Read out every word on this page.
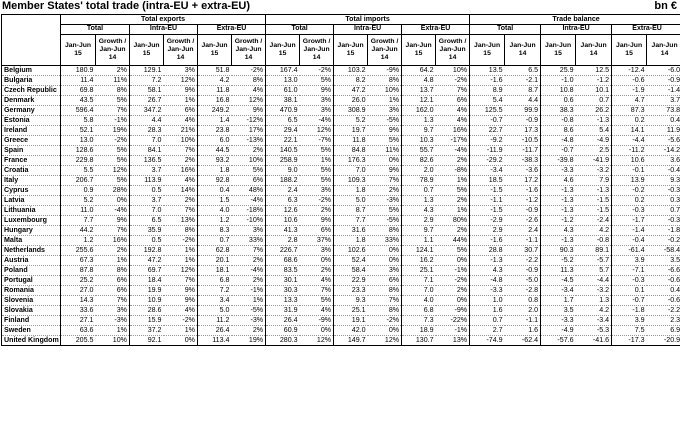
Member States' total trade (intra-EU + extra-EU)	bn €
	Total exports						Total imports						Trade balance					
	Total		Intra-EU		Extra-EU		Total		Intra-EU		Extra-EU		Total		Intra-EU		Extra-EU	
	Jan-Jun 15	Growth / Jan-Jun 14	Jan-Jun 15	Growth / Jan-Jun 14	Jan-Jun 15	Growth / Jan-Jun 14	Jan-Jun 15	Growth / Jan-Jun 14	Jan-Jun 15	Growth / Jan-Jun 14	Jan-Jun 15	Growth / Jan-Jun 14	Jan-Jun 15	Jan-Jun 14	Jan-Jun 15	Jan-Jun 14	Jan-Jun 15	Jan-Jun 14
Belgium	180.9	2%	129.1	3%	51.8	-2%	167.4	-2%	103.2	-9%	64.2	10%	13.5	6.5	25.9	12.5	-12.4	-6.0
Bulgaria	11.4	11%	7.2	12%	4.2	8%	13.0	5%	8.2	8%	4.8	-2%	-1.6	-2.1	-1.0	-1.2	-0.6	-0.9
Czech Republic	69.8	8%	58.1	9%	11.8	4%	61.0	9%	47.2	10%	13.7	7%	8.9	8.7	10.8	10.1	-1.9	-1.4
Denmark	43.5	5%	26.7	1%	16.8	12%	38.1	3%	26.0	1%	12.1	6%	5.4	4.4	0.6	0.7	4.7	3.7
Germany	596.4	7%	347.2	6%	249.2	9%	470.9	3%	308.9	3%	162.0	4%	125.5	99.9	38.3	26.2	87.3	73.8
Estonia	5.8	-1%	4.4	4%	1.4	-12%	6.5	-4%	5.2	-5%	1.3	4%	-0.7	-0.9	-0.8	-1.3	0.2	0.4
Ireland	52.1	19%	28.3	21%	23.8	17%	29.4	12%	19.7	9%	9.7	16%	22.7	17.3	8.6	5.4	14.1	11.9
Greece	13.0	-2%	7.0	10%	6.0	-13%	22.1	-7%	11.8	5%	10.3	-17%	-9.2	-10.5	-4.8	-4.9	-4.4	-5.6
Spain	128.6	5%	84.1	7%	44.5	2%	140.5	5%	84.8	11%	55.7	-4%	-11.9	-11.7	-0.7	2.5	-11.2	-14.2
France	229.8	5%	136.5	2%	93.2	10%	258.9	1%	176.3	0%	82.6	2%	-29.2	-38.3	-39.8	-41.9	10.6	3.6
Croatia	5.5	12%	3.7	16%	1.8	5%	9.0	5%	7.0	9%	2.0	-8%	-3.4	-3.6	-3.3	-3.2	-0.1	-0.4
Italy	206.7	5%	113.9	4%	92.8	6%	188.2	5%	109.3	7%	78.9	1%	18.5	17.2	4.6	7.9	13.9	9.3
Cyprus	0.9	28%	0.5	14%	0.4	48%	2.4	3%	1.8	2%	0.7	5%	-1.5	-1.6	-1.3	-1.3	-0.2	-0.3
Latvia	5.2	0%	3.7	2%	1.5	-4%	6.3	-2%	5.0	-3%	1.3	2%	-1.1	-1.2	-1.3	-1.5	0.2	0.3
Lithuania	11.0	-4%	7.0	7%	4.0	-18%	12.6	2%	8.7	5%	4.3	1%	-1.5	-0.9	-1.3	-1.5	-0.3	0.7
Luxembourg	7.7	9%	6.5	13%	1.2	-10%	10.6	9%	7.7	-5%	2.9	80%	-2.9	-2.6	-1.2	-2.4	-1.7	-0.3
Hungary	44.2	7%	35.9	8%	8.3	3%	41.3	6%	31.6	8%	9.7	2%	2.9	2.4	4.3	4.2	-1.4	-1.8
Malta	1.2	16%	0.5	-2%	0.7	33%	2.8	37%	1.8	33%	1.1	44%	-1.6	-1.1	-1.3	-0.8	-0.4	-0.2
Netherlands	255.6	2%	192.8	1%	62.8	7%	226.7	3%	102.6	0%	124.1	5%	28.8	30.7	90.3	89.1	-61.4	-58.4
Austria	67.3	1%	47.2	1%	20.1	2%	68.6	0%	52.4	0%	16.2	0%	-1.3	-2.2	-5.2	-5.7	3.9	3.5
Poland	87.8	8%	69.7	12%	18.1	-4%	83.5	2%	58.4	3%	25.1	-1%	4.3	-0.9	11.3	5.7	-7.1	-6.6
Portugal	25.2	6%	18.4	7%	6.8	2%	30.1	4%	22.9	6%	7.1	-2%	-4.8	-5.0	-4.5	-4.4	-0.3	-0.6
Romania	27.0	6%	19.9	9%	7.2	-1%	30.3	7%	23.3	8%	7.0	2%	-3.3	-2.8	-3.4	-3.2	0.1	0.4
Slovenia	14.3	7%	10.9	9%	3.4	1%	13.3	5%	9.3	7%	4.0	0%	1.0	0.8	1.7	1.3	-0.7	-0.6
Slovakia	33.6	3%	28.6	4%	5.0	-5%	31.9	4%	25.1	8%	6.8	-9%	1.6	2.0	3.5	4.2	-1.8	-2.2
Finland	27.1	-3%	15.9	-2%	11.2	-3%	26.4	-9%	19.1	-2%	7.3	-22%	0.7	-1.1	-3.3	-3.4	3.9	2.3
Sweden	63.6	1%	37.2	1%	26.4	2%	60.9	0%	42.0	0%	18.9	-1%	2.7	1.6	-4.9	-5.3	7.5	6.9
United Kingdom	205.5	10%	92.1	0%	113.4	19%	280.3	12%	149.7	12%	130.7	13%	-74.9	-62.4	-57.6	-41.6	-17.3	-20.9
